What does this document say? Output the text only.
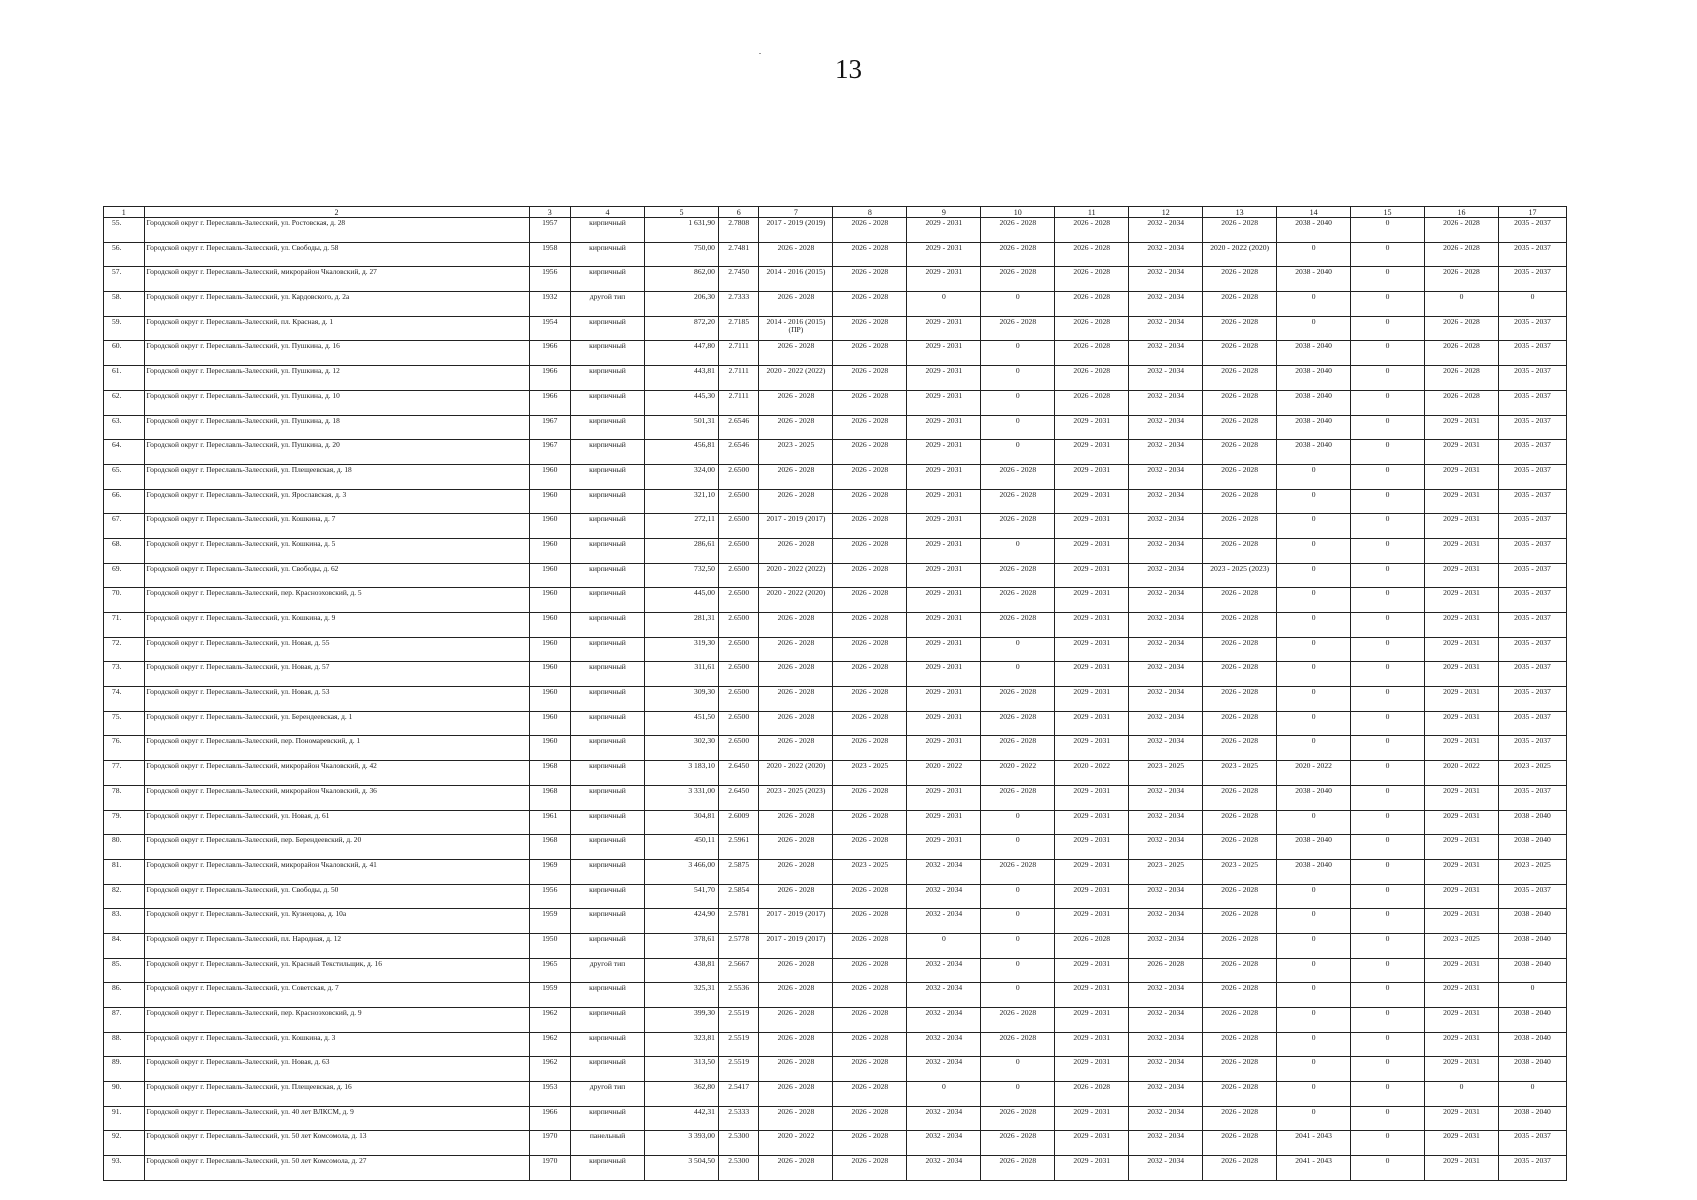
13
1	2	3	4	5	6	7	8	9	10	11	12	13	14	15	16	17
55.	Городской округ г. Переславль-Залесский, ул. Ростовская, д. 28	1957	кирпичный	1 631,90	2.7808	2017 - 2019 (2019)	2026 - 2028	2029 - 2031	2026 - 2028	2026 - 2028	2032 - 2034	2026 - 2028	2038 - 2040	0	2026 - 2028	2035 - 2037
56.	Городской округ г. Переславль-Залесский, ул. Свободы, д. 58	1958	кирпичный	750,00	2.7481	2026 - 2028	2026 - 2028	2029 - 2031	2026 - 2028	2026 - 2028	2032 - 2034	2020 - 2022 (2020)	0	0	2026 - 2028	2035 - 2037
57.	Городской округ г. Переславль-Залесский, микрорайон Чкаловский, д. 27	1956	кирпичный	862,00	2.7450	2014 - 2016 (2015)	2026 - 2028	2029 - 2031	2026 - 2028	2026 - 2028	2032 - 2034	2026 - 2028	2038 - 2040	0	2026 - 2028	2035 - 2037
58.	Городской округ г. Переславль-Залесский, ул. Кардовского, д. 2а	1932	другой тип	206,30	2.7333	2026 - 2028	2026 - 2028	0	0	2026 - 2028	2032 - 2034	2026 - 2028	0	0	0	0
59.	Городской округ г. Переславль-Залесский, пл. Красная, д. 1	1954	кирпичный	872,20	2.7185	2014 - 2016 (2015) (ПР)	2026 - 2028	2029 - 2031	2026 - 2028	2026 - 2028	2032 - 2034	2026 - 2028	0	0	2026 - 2028	2035 - 2037
60.	Городской округ г. Переславль-Залесский, ул. Пушкина, д. 16	1966	кирпичный	447,80	2.7111	2026 - 2028	2026 - 2028	2029 - 2031	0	2026 - 2028	2032 - 2034	2026 - 2028	2038 - 2040	0	2026 - 2028	2035 - 2037
61.	Городской округ г. Переславль-Залесский, ул. Пушкина, д. 12	1966	кирпичный	443,81	2.7111	2020 - 2022 (2022)	2026 - 2028	2029 - 2031	0	2026 - 2028	2032 - 2034	2026 - 2028	2038 - 2040	0	2026 - 2028	2035 - 2037
62.	Городской округ г. Переславль-Залесский, ул. Пушкина, д. 10	1966	кирпичный	445,30	2.7111	2026 - 2028	2026 - 2028	2029 - 2031	0	2026 - 2028	2032 - 2034	2026 - 2028	2038 - 2040	0	2026 - 2028	2035 - 2037
63.	Городской округ г. Переславль-Залесский, ул. Пушкина, д. 18	1967	кирпичный	501,31	2.6546	2026 - 2028	2026 - 2028	2029 - 2031	0	2029 - 2031	2032 - 2034	2026 - 2028	2038 - 2040	0	2029 - 2031	2035 - 2037
64.	Городской округ г. Переславль-Залесский, ул. Пушкина, д. 20	1967	кирпичный	456,81	2.6546	2023 - 2025	2026 - 2028	2029 - 2031	0	2029 - 2031	2032 - 2034	2026 - 2028	2038 - 2040	0	2029 - 2031	2035 - 2037
65.	Городской округ г. Переславль-Залесский, ул. Плещеевская, д. 18	1960	кирпичный	324,00	2.6500	2026 - 2028	2026 - 2028	2029 - 2031	2026 - 2028	2029 - 2031	2032 - 2034	2026 - 2028	0	0	2029 - 2031	2035 - 2037
66.	Городской округ г. Переславль-Залесский, ул. Ярославская, д. 3	1960	кирпичный	321,10	2.6500	2026 - 2028	2026 - 2028	2029 - 2031	2026 - 2028	2029 - 2031	2032 - 2034	2026 - 2028	0	0	2029 - 2031	2035 - 2037
67.	Городской округ г. Переславль-Залесский, ул. Кошкина, д. 7	1960	кирпичный	272,11	2.6500	2017 - 2019 (2017)	2026 - 2028	2029 - 2031	2026 - 2028	2029 - 2031	2032 - 2034	2026 - 2028	0	0	2029 - 2031	2035 - 2037
68.	Городской округ г. Переславль-Залесский, ул. Кошкина, д. 5	1960	кирпичный	286,61	2.6500	2026 - 2028	2026 - 2028	2029 - 2031	0	2029 - 2031	2032 - 2034	2026 - 2028	0	0	2029 - 2031	2035 - 2037
69.	Городской округ г. Переславль-Залесский, ул. Свободы, д. 62	1960	кирпичный	732,50	2.6500	2020 - 2022 (2022)	2026 - 2028	2029 - 2031	2026 - 2028	2029 - 2031	2032 - 2034	2023 - 2025 (2023)	0	0	2029 - 2031	2035 - 2037
70.	Городской округ г. Переславль-Залесский, пер. Красноэховский, д. 5	1960	кирпичный	445,00	2.6500	2020 - 2022 (2020)	2026 - 2028	2029 - 2031	2026 - 2028	2029 - 2031	2032 - 2034	2026 - 2028	0	0	2029 - 2031	2035 - 2037
71.	Городской округ г. Переславль-Залесский, ул. Кошкина, д. 9	1960	кирпичный	281,31	2.6500	2026 - 2028	2026 - 2028	2029 - 2031	2026 - 2028	2029 - 2031	2032 - 2034	2026 - 2028	0	0	2029 - 2031	2035 - 2037
72.	Городской округ г. Переславль-Залесский, ул. Новая, д. 55	1960	кирпичный	319,30	2.6500	2026 - 2028	2026 - 2028	2029 - 2031	0	2029 - 2031	2032 - 2034	2026 - 2028	0	0	2029 - 2031	2035 - 2037
73.	Городской округ г. Переславль-Залесский, ул. Новая, д. 57	1960	кирпичный	311,61	2.6500	2026 - 2028	2026 - 2028	2029 - 2031	0	2029 - 2031	2032 - 2034	2026 - 2028	0	0	2029 - 2031	2035 - 2037
74.	Городской округ г. Переславль-Залесский, ул. Новая, д. 53	1960	кирпичный	309,30	2.6500	2026 - 2028	2026 - 2028	2029 - 2031	2026 - 2028	2029 - 2031	2032 - 2034	2026 - 2028	0	0	2029 - 2031	2035 - 2037
75.	Городской округ г. Переславль-Залесский, ул. Берендеевская, д. 1	1960	кирпичный	451,50	2.6500	2026 - 2028	2026 - 2028	2029 - 2031	2026 - 2028	2029 - 2031	2032 - 2034	2026 - 2028	0	0	2029 - 2031	2035 - 2037
76.	Городской округ г. Переславль-Залесский, пер. Пономаревский, д. 1	1960	кирпичный	302,30	2.6500	2026 - 2028	2026 - 2028	2029 - 2031	2026 - 2028	2029 - 2031	2032 - 2034	2026 - 2028	0	0	2029 - 2031	2035 - 2037
77.	Городской округ г. Переславль-Залесский, микрорайон Чкаловский, д. 42	1968	кирпичный	3 183,10	2.6450	2020 - 2022 (2020)	2023 - 2025	2020 - 2022	2020 - 2022	2020 - 2022	2023 - 2025	2023 - 2025	2020 - 2022	0	2020 - 2022	2023 - 2025
78.	Городской округ г. Переславль-Залесский, микрорайон Чкаловский, д. 36	1968	кирпичный	3 331,00	2.6450	2023 - 2025 (2023)	2026 - 2028	2029 - 2031	2026 - 2028	2029 - 2031	2032 - 2034	2026 - 2028	2038 - 2040	0	2029 - 2031	2035 - 2037
79.	Городской округ г. Переславль-Залесский, ул. Новая, д. 61	1961	кирпичный	304,81	2.6009	2026 - 2028	2026 - 2028	2029 - 2031	0	2029 - 2031	2032 - 2034	2026 - 2028	0	0	2029 - 2031	2038 - 2040
80.	Городской округ г. Переславль-Залесский, пер. Берендеевский, д. 20	1968	кирпичный	450,11	2.5961	2026 - 2028	2026 - 2028	2029 - 2031	0	2029 - 2031	2032 - 2034	2026 - 2028	2038 - 2040	0	2029 - 2031	2038 - 2040
81.	Городской округ г. Переславль-Залесский, микрорайон Чкаловский, д. 41	1969	кирпичный	3 466,00	2.5875	2026 - 2028	2023 - 2025	2032 - 2034	2026 - 2028	2029 - 2031	2023 - 2025	2023 - 2025	2038 - 2040	0	2029 - 2031	2023 - 2025
82.	Городской округ г. Переславль-Залесский, ул. Свободы, д. 50	1956	кирпичный	541,70	2.5854	2026 - 2028	2026 - 2028	2032 - 2034	0	2029 - 2031	2032 - 2034	2026 - 2028	0	0	2029 - 2031	2035 - 2037
83.	Городской округ г. Переславль-Залесский, ул. Кузнецова, д. 10а	1959	кирпичный	424,90	2.5781	2017 - 2019 (2017)	2026 - 2028	2032 - 2034	0	2029 - 2031	2032 - 2034	2026 - 2028	0	0	2029 - 2031	2038 - 2040
84.	Городской округ г. Переславль-Залесский, пл. Народная, д. 12	1950	кирпичный	378,61	2.5778	2017 - 2019 (2017)	2026 - 2028	0	0	2026 - 2028	2032 - 2034	2026 - 2028	0	0	2023 - 2025	2038 - 2040
85.	Городской округ г. Переславль-Залесский, ул. Красный Текстильщик, д. 16	1965	другой тип	438,81	2.5667	2026 - 2028	2026 - 2028	2032 - 2034	0	2029 - 2031	2026 - 2028	2026 - 2028	0	0	2029 - 2031	2038 - 2040
86.	Городской округ г. Переславль-Залесский, ул. Советская, д. 7	1959	кирпичный	325,31	2.5536	2026 - 2028	2026 - 2028	2032 - 2034	0	2029 - 2031	2032 - 2034	2026 - 2028	0	0	2029 - 2031	0
87.	Городской округ г. Переславль-Залесский, пер. Красноэховский, д. 9	1962	кирпичный	399,30	2.5519	2026 - 2028	2026 - 2028	2032 - 2034	2026 - 2028	2029 - 2031	2032 - 2034	2026 - 2028	0	0	2029 - 2031	2038 - 2040
88.	Городской округ г. Переславль-Залесский, ул. Кошкина, д. 3	1962	кирпичный	323,81	2.5519	2026 - 2028	2026 - 2028	2032 - 2034	2026 - 2028	2029 - 2031	2032 - 2034	2026 - 2028	0	0	2029 - 2031	2038 - 2040
89.	Городской округ г. Переславль-Залесский, ул. Новая, д. 63	1962	кирпичный	313,50	2.5519	2026 - 2028	2026 - 2028	2032 - 2034	0	2029 - 2031	2032 - 2034	2026 - 2028	0	0	2029 - 2031	2038 - 2040
90.	Городской округ г. Переславль-Залесский, ул. Плещеевская, д. 16	1953	другой тип	362,80	2.5417	2026 - 2028	2026 - 2028	0	0	2026 - 2028	2032 - 2034	2026 - 2028	0	0	0	0
91.	Городской округ г. Переславль-Залесский, ул. 40 лет ВЛКСМ, д. 9	1966	кирпичный	442,31	2.5333	2026 - 2028	2026 - 2028	2032 - 2034	2026 - 2028	2029 - 2031	2032 - 2034	2026 - 2028	0	0	2029 - 2031	2038 - 2040
92.	Городской округ г. Переславль-Залесский, ул. 50 лет Комсомола, д. 13	1970	панельный	3 393,00	2.5300	2020 - 2022	2026 - 2028	2032 - 2034	2026 - 2028	2029 - 2031	2032 - 2034	2026 - 2028	2041 - 2043	0	2029 - 2031	2035 - 2037
93.	Городской округ г. Переславль-Залесский, ул. 50 лет Комсомола, д. 27	1970	кирпичный	3 504,50	2.5300	2026 - 2028	2026 - 2028	2032 - 2034	2026 - 2028	2029 - 2031	2032 - 2034	2026 - 2028	2041 - 2043	0	2029 - 2031	2035 - 2037
